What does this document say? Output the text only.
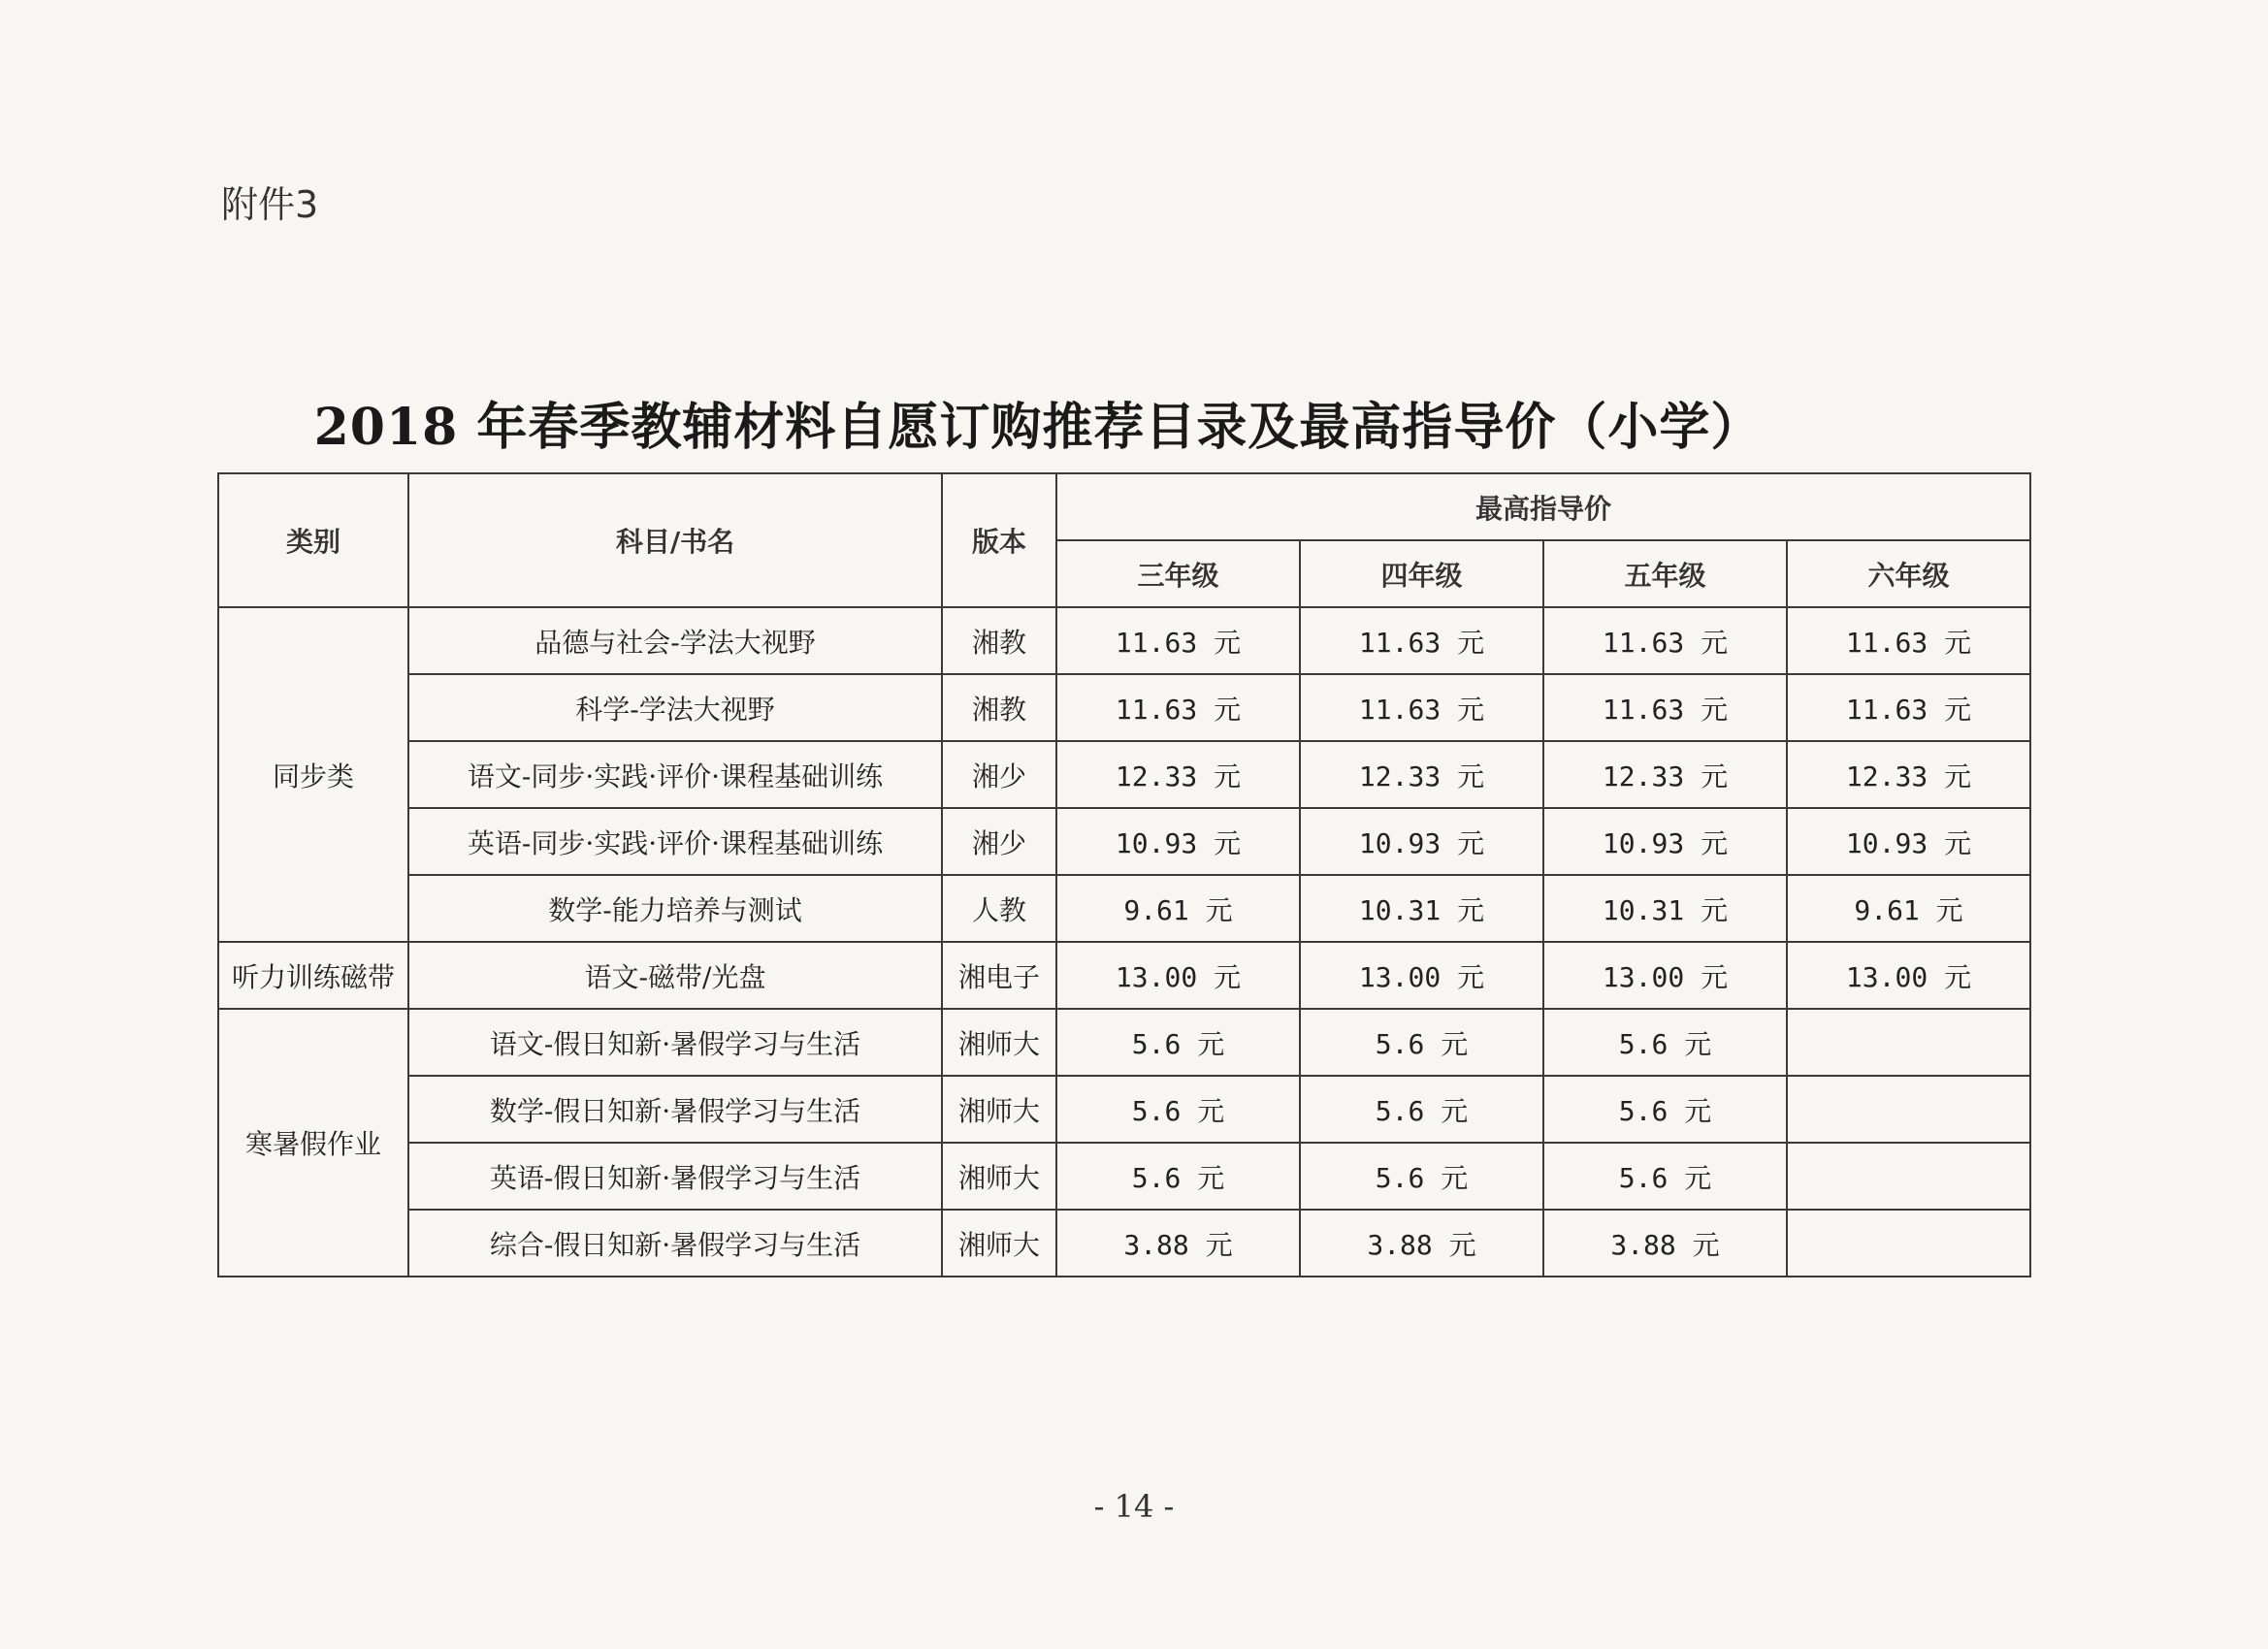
附件3
2018 年春季教辅材料自愿订购推荐目录及最高指导价（小学）
类别	科目/书名	版本	最高指导价			
			三年级	四年级	五年级	六年级
同步类	品德与社会-学法大视野	湘教	11.63 元	11.63 元	11.63 元	11.63 元
	科学-学法大视野	湘教	11.63 元	11.63 元	11.63 元	11.63 元
	语文-同步·实践·评价·课程基础训练	湘少	12.33 元	12.33 元	12.33 元	12.33 元
	英语-同步·实践·评价·课程基础训练	湘少	10.93 元	10.93 元	10.93 元	10.93 元
	数学-能力培养与测试	人教	9.61 元	10.31 元	10.31 元	9.61 元
听力训练磁带	语文-磁带/光盘	湘电子	13.00 元	13.00 元	13.00 元	13.00 元
寒暑假作业	语文-假日知新·暑假学习与生活	湘师大	5.6 元	5.6 元	5.6 元	
	数学-假日知新·暑假学习与生活	湘师大	5.6 元	5.6 元	5.6 元	
	英语-假日知新·暑假学习与生活	湘师大	5.6 元	5.6 元	5.6 元	
	综合-假日知新·暑假学习与生活	湘师大	3.88 元	3.88 元	3.88 元	
- 14 -
